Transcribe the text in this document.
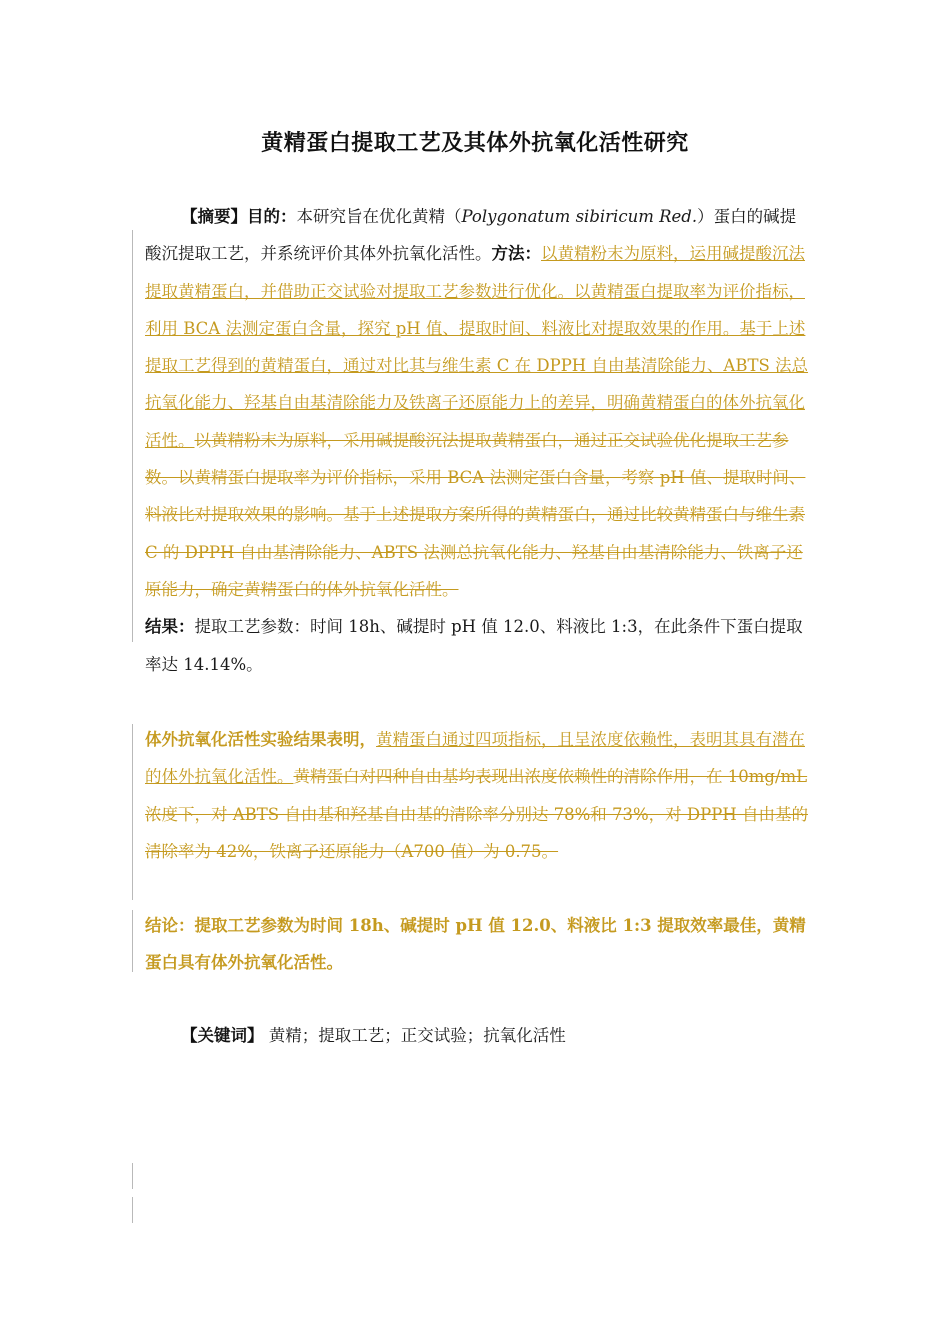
黄精蛋白提取工艺及其体外抗氧化活性研究
【摘要】目的：本研究旨在优化黄精（Polygonatum sibiricum Red.）蛋白的碱提酸沉提取工艺，并系统评价其体外抗氧化活性。方法：以黄精粉末为原料，运用碱提酸沉法提取黄精蛋白，并借助正交试验对提取工艺参数进行优化。以黄精蛋白提取率为评价指标，利用 BCA 法测定蛋白含量，探究 pH 值、提取时间、料液比对提取效果的作用。基于上述提取工艺得到的黄精蛋白，通过对比其与维生素 C 在 DPPH 自由基清除能力、ABTS 法总抗氧化能力、羟基自由基清除能力及铁离子还原能力上的差异，明确黄精蛋白的体外抗氧化活性。以黄精粉末为原料，采用碱提酸沉法提取黄精蛋白，通过正交试验优化提取工艺参数。以黄精蛋白提取率为评价指标，采用 BCA 法测定蛋白含量，考察 pH 值、提取时间、料液比对提取效果的影响。基于上述提取方案所得的黄精蛋白，通过比较黄精蛋白与维生素 C 的 DPPH 自由基清除能力、ABTS 法测总抗氧化能力、羟基自由基清除能力、铁离子还原能力，确定黄精蛋白的体外抗氧化活性。
结果：提取工艺参数：时间 18h、碱提时 pH 值 12.0、料液比 1:3，在此条件下蛋白提取率达 14.14%。
体外抗氧化活性实验结果表明，黄精蛋白通过四项指标，且呈浓度依赖性，表明其具有潜在的体外抗氧化活性。黄精蛋白对四种自由基均表现出浓度依赖性的清除作用，在 10mg/mL 浓度下，对 ABTS 自由基和羟基自由基的清除率分别达 78%和 73%，对 DPPH 自由基的清除率为 42%，铁离子还原能力（A700 值）为 0.75。
结论：提取工艺参数为时间 18h、碱提时 pH 值 12.0、料液比 1:3 提取效率最佳，黄精蛋白具有体外抗氧化活性。
【关键词】 黄精；提取工艺；正交试验；抗氧化活性
